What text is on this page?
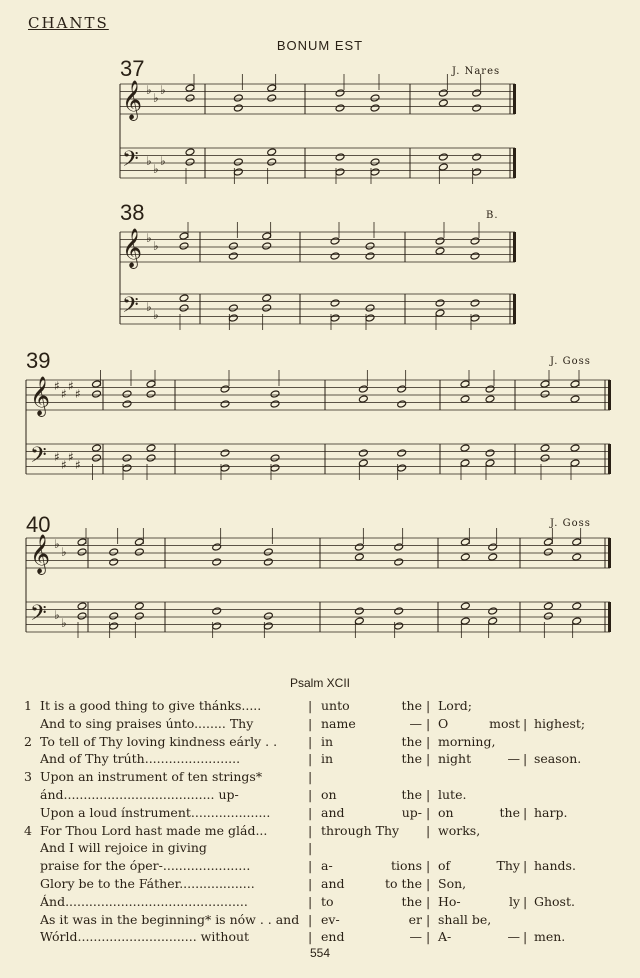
CHANTS
BONUM EST
37	J. Nares
38	B.
39	J. Goss
40	J. Goss
𝄞
𝄢
♭
♭
♭
♭
♭
♭
𝄞
𝄢
♭
♭
♭
♭
𝄞
𝄢
♯
♯
♯
♯
♯
♯
♯
♯
𝄞
𝄢
♭
♭
♭
♭
Psalm XCII
1 It is a good thing to give thánks.....	unto	the | Lord;
|
And to sing praises únto........ Thy	name	— | O	most | highest;
|
2 To tell of Thy loving kindness eárly . .	in	the | morning,
|
And of Thy trúth........................	in	the | night	— | season.
|
3 Upon an instrument of ten strings*	|
ánd...................................... up-	on	the | lute.
|
Upon a loud ínstrument....................	and	up- | on	the | harp.
|
4 For Thou Lord hast made me glád...	through Thy | works,
|
And I will rejoice in giving	|
praise for the óper-......................	a-	tions | of	Thy | hands.
|
Glory be to the Fáther...................	and	to the | Son,
|
Ánd..............................................	to	the | Ho-	ly | Ghost.
|
As it was in the beginning* is nów . . and	ev-	er | shall be,
|
Wórld.............................. without	end	— | A-	— | men.
|
554
